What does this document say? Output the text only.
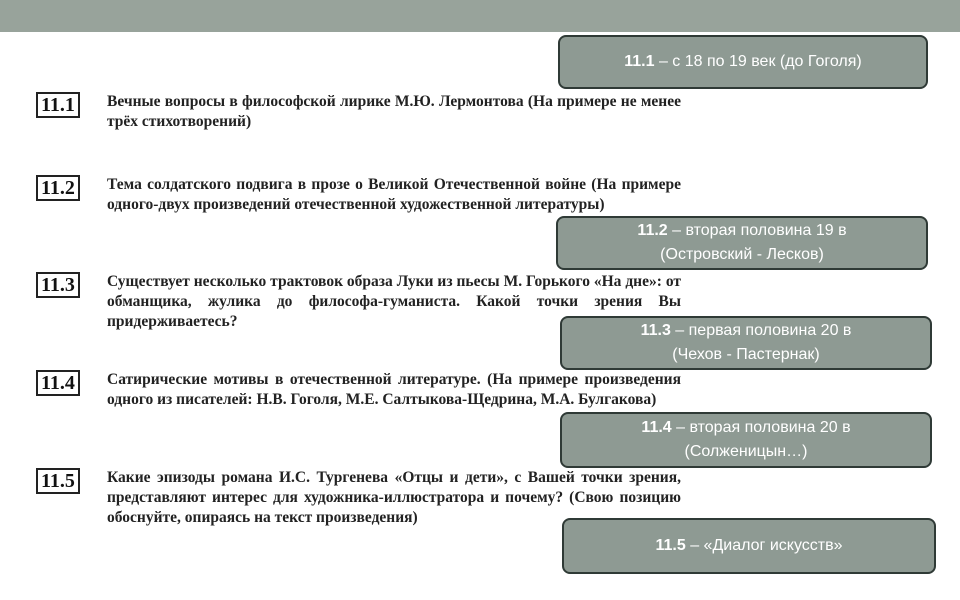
11.1	Вечные вопросы в философской лирике М.Ю. Лермонтова (На примере не менее трёх стихотворений)
11.2	Тема солдатского подвига в прозе о Великой Отечественной войне (На примере одного-двух произведений отечественной художественной литературы)
11.3	Существует несколько трактовок образа Луки из пьесы М. Горького «На дне»: от обманщика, жулика до философа-гуманиста. Какой точки зрения Вы придерживаетесь?
11.4	Сатирические мотивы в отечественной литературе. (На примере произведения одного из писателей: Н.В. Гоголя, М.Е. Салтыкова-Щедрина, М.А. Булгакова)
11.5	Какие эпизоды романа И.С. Тургенева «Отцы и дети», с Вашей точки зрения, представляют интерес для художника-иллюстратора и почему? (Свою позицию обоснуйте, опираясь на текст произведения)
11.1 – с 18 по 19 век (до Гоголя)
11.2 – вторая половина 19 в
(Островский - Лесков)
11.3 – первая половина 20 в
(Чехов - Пастернак)
11.4 – вторая половина 20 в
(Солженицын…)
11.5 – «Диалог искусств»
